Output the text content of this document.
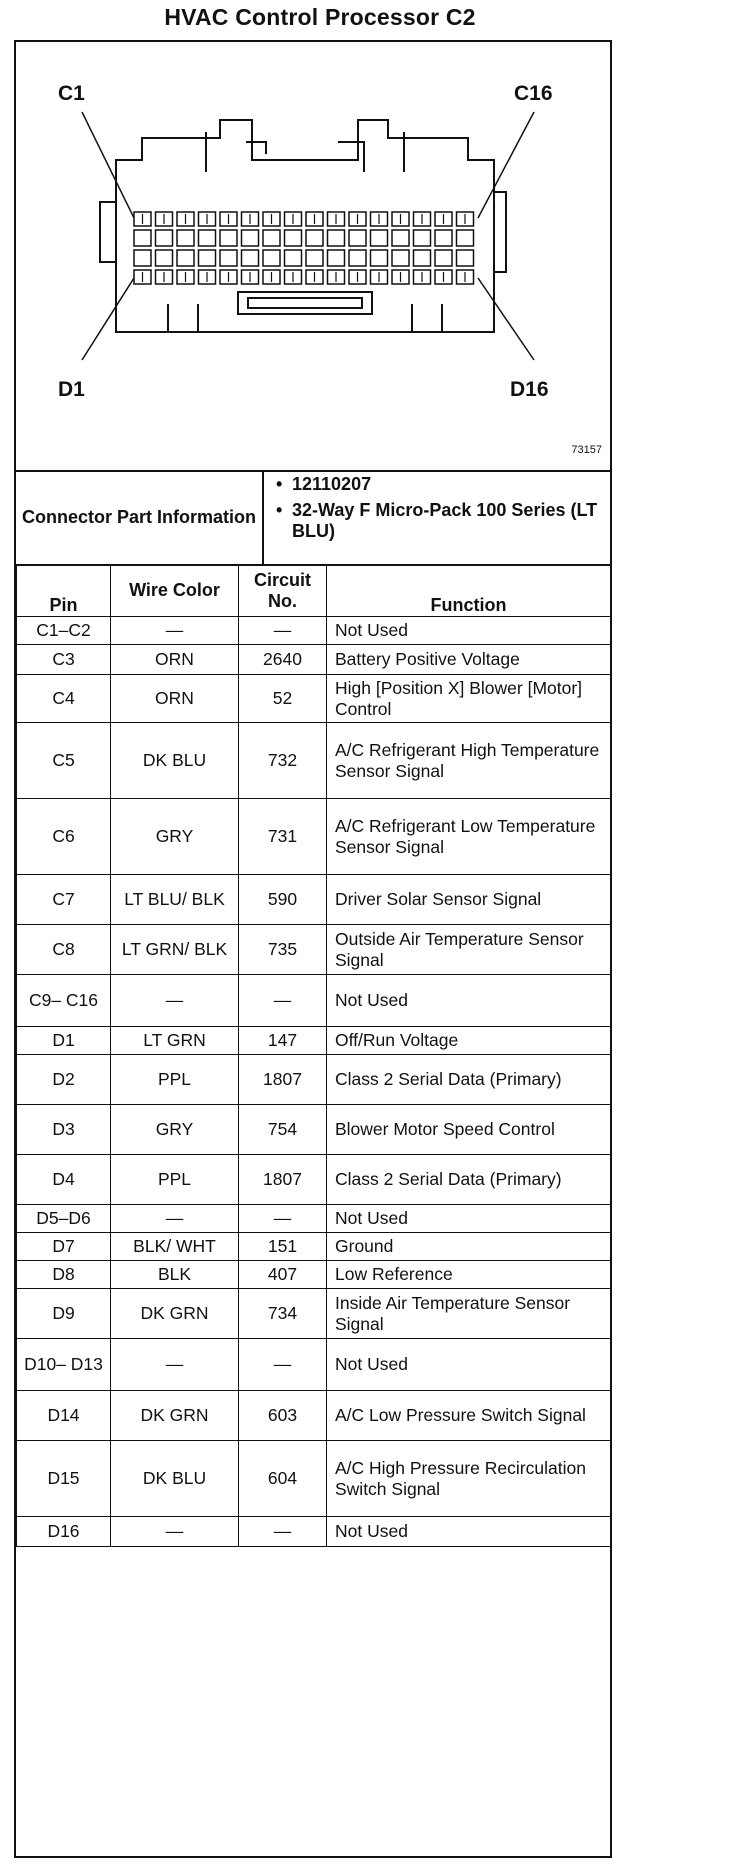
HVAC Control Processor C2
C1	C16
D1	D16
73157
Connector Part Information
• 12110207
• 32-Way F Micro-Pack 100 Series (LT BLU)
Pin	Wire Color	Circuit No.	Function
C1–C2	—	—	Not Used
C3	ORN	2640	Battery Positive Voltage
C4	ORN	52	High [Position X] Blower [Motor] Control
C5	DK BLU	732	A/C Refrigerant High Temperature Sensor Signal
C6	GRY	731	A/C Refrigerant Low Temperature Sensor Signal
C7	LT BLU/ BLK	590	Driver Solar Sensor Signal
C8	LT GRN/ BLK	735	Outside Air Temperature Sensor Signal
C9– C16	—	—	Not Used
D1	LT GRN	147	Off/Run Voltage
D2	PPL	1807	Class 2 Serial Data (Primary)
D3	GRY	754	Blower Motor Speed Control
D4	PPL	1807	Class 2 Serial Data (Primary)
D5–D6	—	—	Not Used
D7	BLK/ WHT	151	Ground
D8	BLK	407	Low Reference
D9	DK GRN	734	Inside Air Temperature Sensor Signal
D10– D13	—	—	Not Used
D14	DK GRN	603	A/C Low Pressure Switch Signal
D15	DK BLU	604	A/C High Pressure Recirculation Switch Signal
D16	—	—	Not Used
